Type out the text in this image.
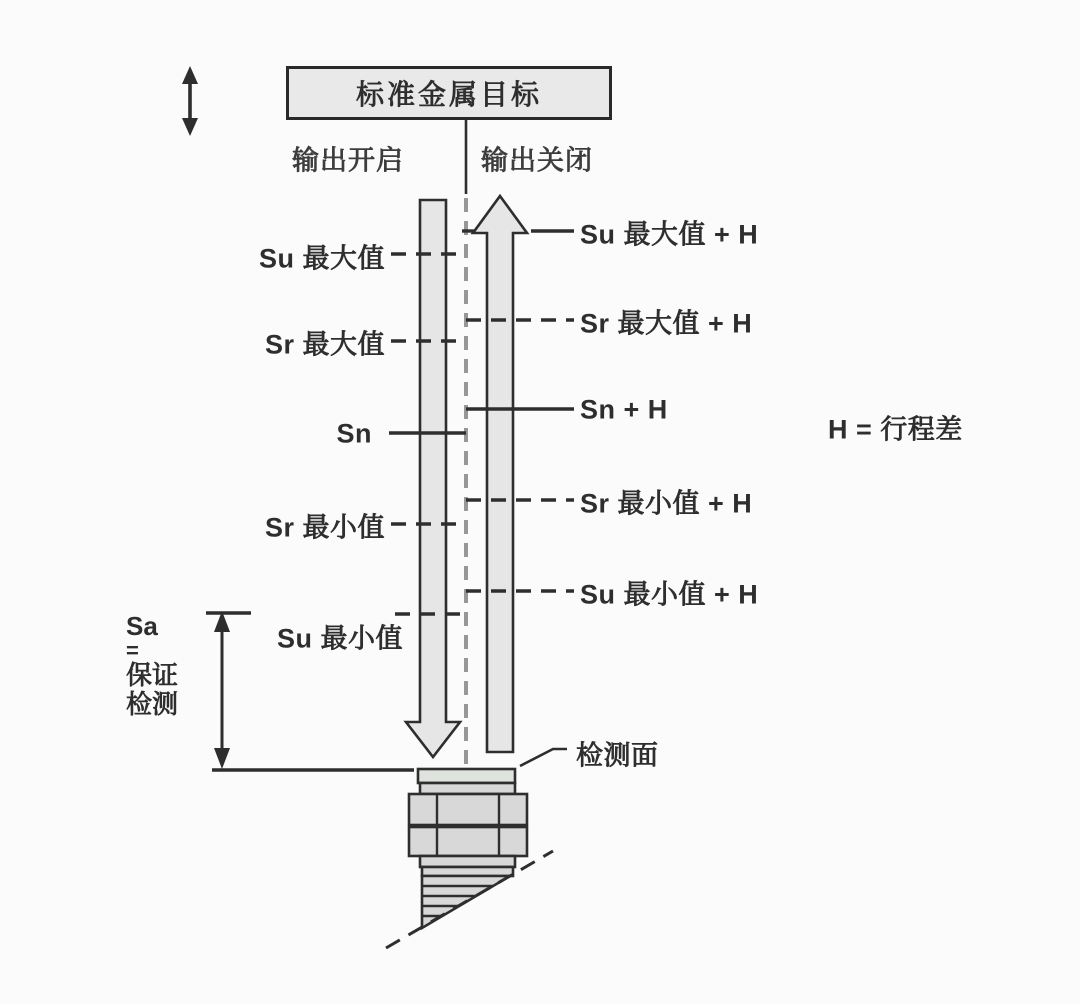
标准金属目标
输出开启	输出关闭
Su 最大值
Sr 最大值
Sn
Sr 最小值
Su 最小值
Su 最大值 + H
Sr 最大值 + H
Sn + H
Sr 最小值 + H
Su 最小值 + H
H = 行程差
Sa
=
保证
检测
检测面
